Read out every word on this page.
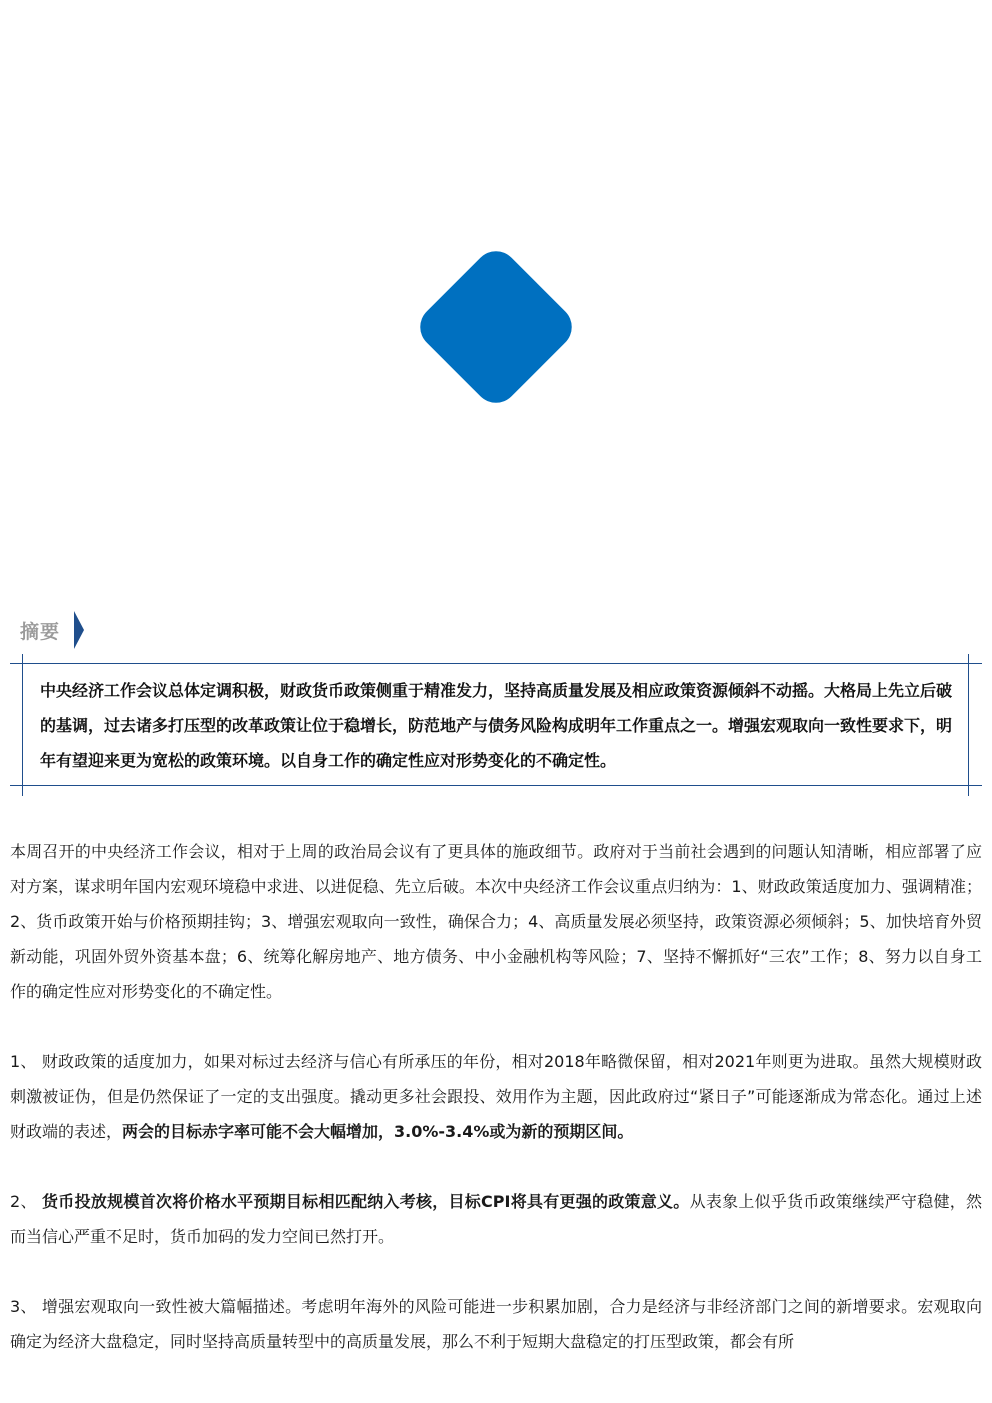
摘要
中央经济工作会议总体定调积极，财政货币政策侧重于精准发力，坚持高质量发展及相应政策资源倾斜不动摇。大格局上先立后破的基调，过去诸多打压型的改革政策让位于稳增长，防范地产与债务风险构成明年工作重点之一。增强宏观取向一致性要求下，明年有望迎来更为宽松的政策环境。以自身工作的确定性应对形势变化的不确定性。

本周召开的中央经济工作会议，相对于上周的政治局会议有了更具体的施政细节。政府对于当前社会遇到的问题认知清晰，相应部署了应对方案，谋求明年国内宏观环境稳中求进、以进促稳、先立后破。本次中央经济工作会议重点归纳为：1、财政政策适度加力、强调精准；2、货币政策开始与价格预期挂钩；3、增强宏观取向一致性，确保合力；4、高质量发展必须坚持，政策资源必须倾斜；5、加快培育外贸新动能，巩固外贸外资基本盘；6、统筹化解房地产、地方债务、中小金融机构等风险；7、坚持不懈抓好“三农”工作；8、努力以自身工作的确定性应对形势变化的不确定性。

1、 财政政策的适度加力，如果对标过去经济与信心有所承压的年份，相对2018年略微保留，相对2021年则更为进取。虽然大规模财政刺激被证伪，但是仍然保证了一定的支出强度。撬动更多社会跟投、效用作为主题，因此政府过“紧日子”可能逐渐成为常态化。通过上述财政端的表述，两会的目标赤字率可能不会大幅增加，3.0%-3.4%或为新的预期区间。

2、 货币投放规模首次将价格水平预期目标相匹配纳入考核，目标CPI将具有更强的政策意义。从表象上似乎货币政策继续严守稳健，然而当信心严重不足时，货币加码的发力空间已然打开。

3、 增强宏观取向一致性被大篇幅描述。考虑明年海外的风险可能进一步积累加剧，合力是经济与非经济部门之间的新增要求。宏观取向确定为经济大盘稳定，同时坚持高质量转型中的高质量发展，那么不利于短期大盘稳定的打压型政策，都会有所
